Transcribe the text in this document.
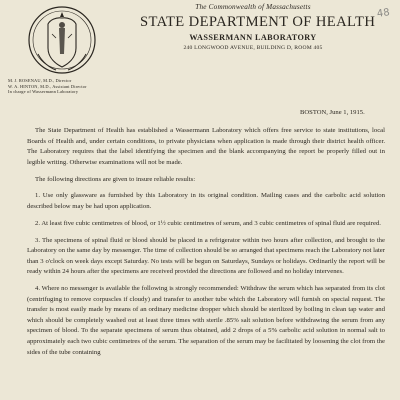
M. J. ROSENAU, M.D., Director
W. A. HINTON, M.D., Assistant Director
In charge of Wassermann Laboratory
48
The Commonwealth of Massachusetts
STATE DEPARTMENT OF HEALTH
WASSERMANN LABORATORY
240 LONGWOOD AVENUE, BUILDING D, ROOM 405
BOSTON, June 1, 1915.

The State Department of Health has established a Wassermann Laboratory which offers free service to state institutions, local Boards of Health and, under certain conditions, to private physicians when application is made through their district health officer. The Laboratory requires that the label identifying the specimen and the blank accompanying the report be properly filled out in legible writing. Otherwise examinations will not be made.

The following directions are given to insure reliable results:

1. Use only glassware as furnished by this Laboratory in its original condition. Mailing cases and the carbolic acid solution described below may be had upon application.

2. At least five cubic centimetres of blood, or 1½ cubic centimetres of serum, and 3 cubic centimetres of spinal fluid are required.

3. The specimens of spinal fluid or blood should be placed in a refrigerator within two hours after collection, and brought to the Laboratory on the same day by messenger. The time of collection should be so arranged that specimens reach the Laboratory not later than 3 o'clock on week days except Saturday. No tests will be begun on Saturdays, Sundays or holidays. Ordinarily the report will be ready within 24 hours after the specimens are received provided the directions are followed and no holiday intervenes.

4. Where no messenger is available the following is strongly recommended: Withdraw the serum which has separated from its clot (centrifuging to remove corpuscles if cloudy) and transfer to another tube which the Laboratory will furnish on special request. The transfer is most easily made by means of an ordinary medicine dropper which should be sterilized by boiling in clean tap water and which should be completely washed out at least three times with sterile .85% salt solution before withdrawing the serum from any specimen of blood. To the separate specimens of serum thus obtained, add 2 drops of a 5% carbolic acid solution in normal salt to approximately each two cubic centimetres of the serum. The separation of the serum may be facilitated by loosening the clot from the sides of the tube containing
